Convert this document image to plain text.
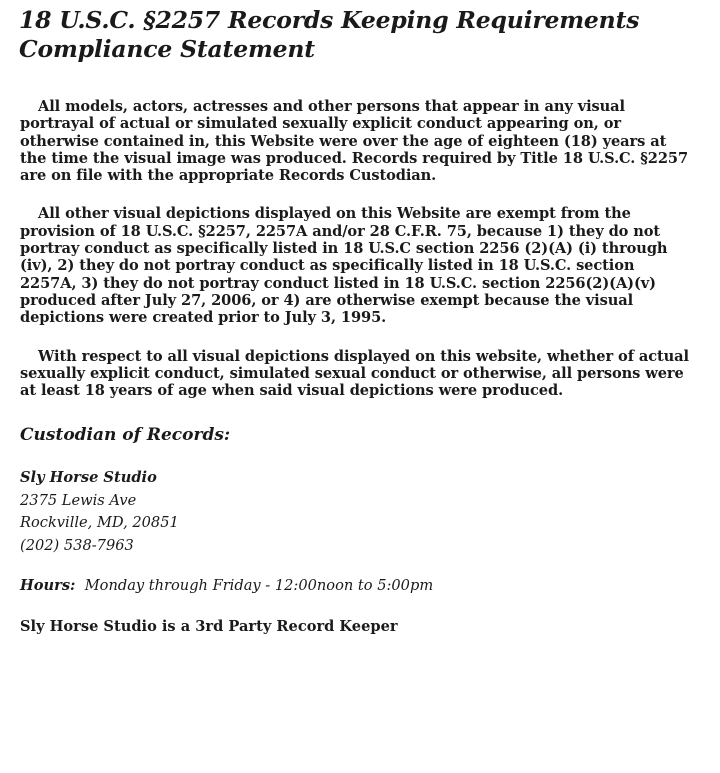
18 U.S.C. §2257 Records Keeping Requirements
Compliance Statement

All models, actors, actresses and other persons that appear in any visual portrayal of actual or simulated sexually explicit conduct appearing on, or otherwise contained in, this Website were over the age of eighteen (18) years at the time the visual image was produced. Records required by Title 18 U.S.C. §2257 are on file with the appropriate Records Custodian.

All other visual depictions displayed on this Website are exempt from the provision of 18 U.S.C. §2257, 2257A and/or 28 C.F.R. 75, because 1) they do not portray conduct as specifically listed in 18 U.S.C section 2256 (2)(A) (i) through (iv), 2) they do not portray conduct as specifically listed in 18 U.S.C. section 2257A, 3) they do not portray conduct listed in 18 U.S.C. section 2256(2)(A)(v) produced after July 27, 2006, or 4) are otherwise exempt because the visual depictions were created prior to July 3, 1995.

With respect to all visual depictions displayed on this website, whether of actual sexually explicit conduct, simulated sexual conduct or otherwise, all persons were at least 18 years of age when said visual depictions were produced.

Custodian of Records:
Sly Horse Studio
2375 Lewis Ave
Rockville, MD, 20851
(202) 538-7963
Hours: Monday through Friday - 12:00noon to 5:00pm
Sly Horse Studio is a 3rd Party Record Keeper
